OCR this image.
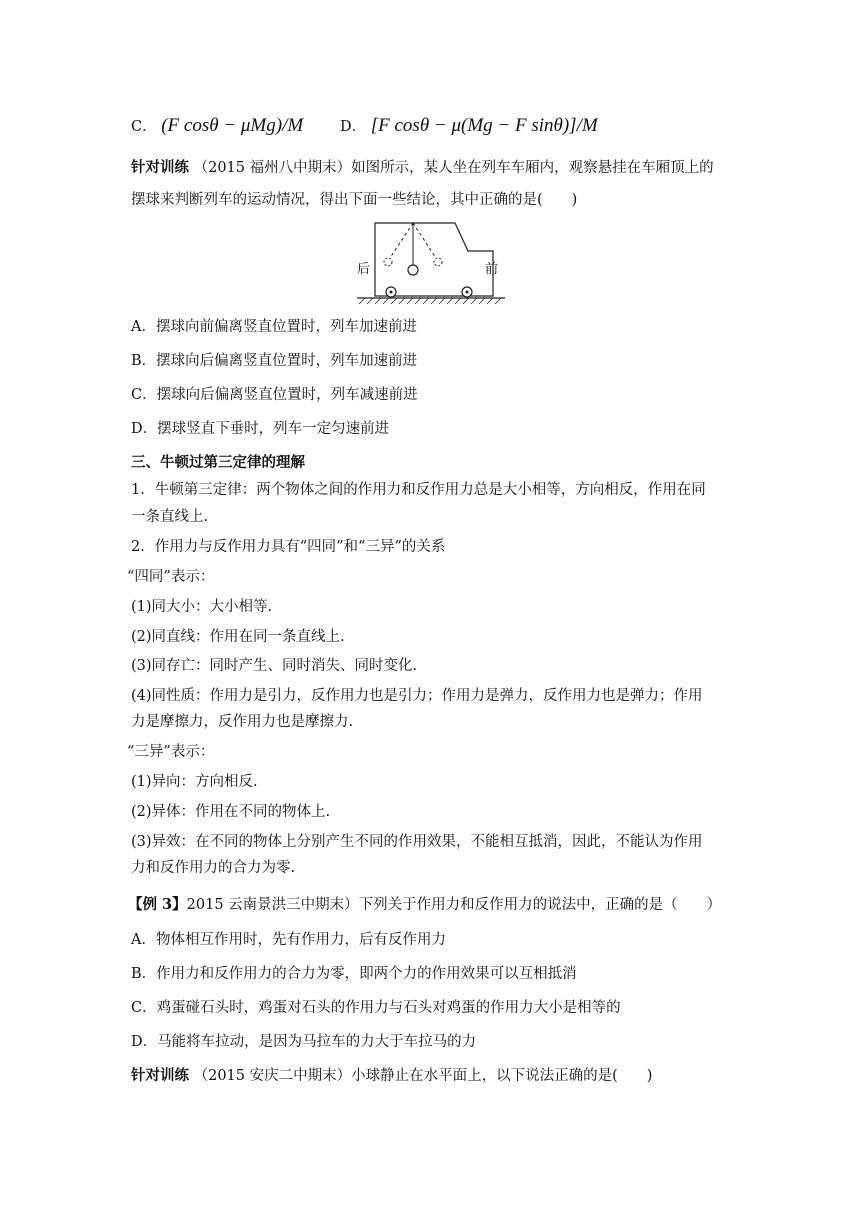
C． (F cosθ − μMg)/M	D． [F cosθ − μ(Mg − F sinθ)]/M
针对训练 （2015 福州八中期末）如图所示，某人坐在列车车厢内，观察悬挂在车厢顶上的
摆球来判断列车的运动情况，得出下面一些结论，其中正确的是(　　)
后	前
A．摆球向前偏离竖直位置时，列车加速前进
B．摆球向后偏离竖直位置时，列车加速前进
C．摆球向后偏离竖直位置时，列车减速前进
D．摆球竖直下垂时，列车一定匀速前进
三、牛顿过第三定律的理解
1．牛顿第三定律：两个物体之间的作用力和反作用力总是大小相等，方向相反，作用在同
一条直线上.
2．作用力与反作用力具有“四同”和“三异”的关系
“四同”表示：
(1)同大小：大小相等.
(2)同直线：作用在同一条直线上.
(3)同存亡：同时产生、同时消失、同时变化.
(4)同性质：作用力是引力，反作用力也是引力；作用力是弹力，反作用力也是弹力；作用
力是摩擦力，反作用力也是摩擦力.
“三异”表示：
(1)异向：方向相反.
(2)异体：作用在不同的物体上.
(3)异效：在不同的物体上分别产生不同的作用效果，不能相互抵消，因此，不能认为作用
力和反作用力的合力为零.
【例 3】2015 云南景洪三中期末）下列关于作用力和反作用力的说法中，正确的是（　　）
A．物体相互作用时，先有作用力，后有反作用力
B．作用力和反作用力的合力为零，即两个力的作用效果可以互相抵消
C．鸡蛋碰石头时，鸡蛋对石头的作用力与石头对鸡蛋的作用力大小是相等的
D．马能将车拉动，是因为马拉车的力大于车拉马的力
针对训练 （2015 安庆二中期末）小球静止在水平面上，以下说法正确的是(　　)
